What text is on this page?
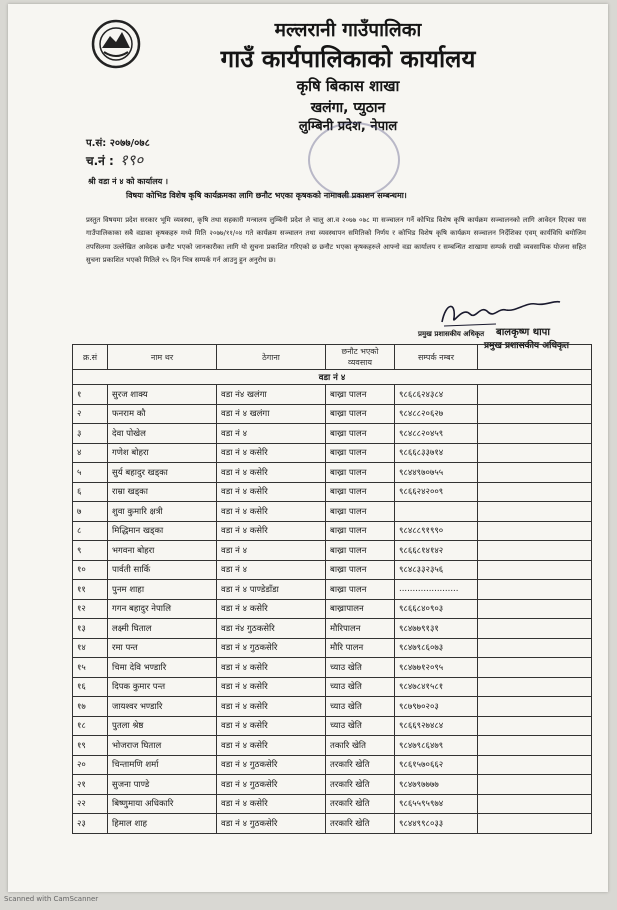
मल्लरानी गाउँपालिका
गाउँ कार्यपालिकाको कार्यालय
कृषि बिकास शाखा
खलंगा, प्युठान
लुम्बिनी प्रदेश, नेपाल
प.सं: २०७७/०७८
च.नं : १९०
श्री वडा नं ४ को कार्यालय ।
विषयः कोभिड विशेष कृषि कार्यक्रमका लागि छनौट भएका कृषकको नामावली प्रकाशन सम्बन्धमा।
प्रस्तुत विषयमा प्रदेश सरकार भूमि व्यवस्था, कृषि तथा सहकारी मन्त्रालय लुम्बिनी प्रदेश ले चालु आ.व २०७७ ०७८ मा सञ्चालन गर्ने कोभिड विशेष कृषि कार्यक्रम सञ्चालनको लागि आवेदन दिएका यस गाउँपालिकाका सबै वडाका कृषकहरु मध्ये मिति २०७७/११/०४ गते कार्यक्रम सञ्चालन तथा व्यवस्थापन समितिको निर्णय र कोभिड विशेष कृषि कार्यक्रम सञ्चालन निर्देशिका एवम् कार्यविधि बमोजिम तपसिलमा उल्लेखित आवेदक छनौट भएको जानकारीका लागि यो सुचना प्रकाशित गरिएको छ छनौट भएका कृषकहरुले आफ्नो वडा कार्यालय र सम्बन्धित शाखामा सम्पर्क राखी व्यवसायिक योजना सहित सुचना प्रकाशित भएको मितिले १५ दिन भित्र सम्पर्क गर्न आउनु हुन अनुरोध छ।
प्रमुख प्रशासकीय अधिकृत बालकृष्ण थापा
प्रमुख प्रशासकीय अधिकृत
क्र.सं	नाम थर	ठेगाना	छनौट भएको व्यवसाय	सम्पर्क नम्बर	
वडा नं ४					
१	सुरज शाक्य	वडा नं४ खलंगा	बाख्रा पालन	९८६८६२४३८४	
२	फनराम कौ	वडा नं ४ खलंगा	बाख्रा पालन	९८४८८२०६२७	
३	देवा पोखेल	वडा नं ४	बाख्रा पालन	९८४८८२०४५९	
४	गणेश बोहरा	वडा नं ४ कसेरि	बाख्रा पालन	९८६६८३३७१४	
५	सुर्य बहादुर खड्का	वडा नं ४ कसेरि	बाख्रा पालन	९८४४९७०७५५	
६	राम्रा खड्का	वडा नं ४ कसेरि	बाख्रा पालन	९८६६२४२००९	
७	शुवा कुमारि क्षत्री	वडा नं ४ कसेरि	बाख्रा पालन		
८	मिद्धिमान खड्का	वडा नं ४ कसेरि	बाख्रा पालन	९८४८८९१९९०	
९	भगवना बोहरा	वडा नं ४	बाख्रा पालन	९८६६८१४१४२	
१०	पार्वती सार्कि	वडा नं ४	बाख्रा पालन	९८४८३३२३५६	
११	पुनम शाहा	वडा नं ४ पाण्डेडाँडा	बाख्रा पालन	......................	
१२	गगन बहादुर नेपालि	वडा नं ४ कसेरि	बाख्रापालन	९८६६८४०९०३	
१३	लक्ष्मी घिताल	वडा नं४ गुठकसेरि	मौरिपालन	९८४७७९१३१	
१४	रमा पन्त	वडा नं ४ गुठकसेरि	मौरि पालन	९८४७९८६०७३	
१५	चिमा देवि भण्डारि	वडा नं ४ कसेरि	च्याउ खेति	९८४७७१२०९५	
१६	दिपक कुमार पन्त	वडा नं ४ कसेरि	च्याउ खेति	९८४७८४१५८१	
१७	जायश्वर भण्डारि	वडा नं ४ कसेरि	च्याउ खेति	९८७९७०२०३	
१८	पुतला श्रेष्ठ	वडा नं ४ कसेरि	च्याउ खेति	९८६६९२७४८४	
१९	भोजराज घिताल	वडा नं ४ कसेरि	तकारि खेति	९८४७९८६४७९	
२०	चिन्तामणि शर्मा	वडा नं ४ गुठकसेरि	तरकारि खेति	९८६१५७०६६२	
२१	सुजना पाण्डे	वडा नं ४ गुठकसेरि	तरकारि खेति	९८४७९७७७७	
२२	बिष्णुमाया अधिकारि	वडा नं ४ कसेरि	तरकारि खेति	९८६५५९५९७४	
२३	हिमाल शाह	वडा नं ४ गुठकसेरि	तरकारि खेति	९८४४९९८०३३	
Scanned with CamScanner
